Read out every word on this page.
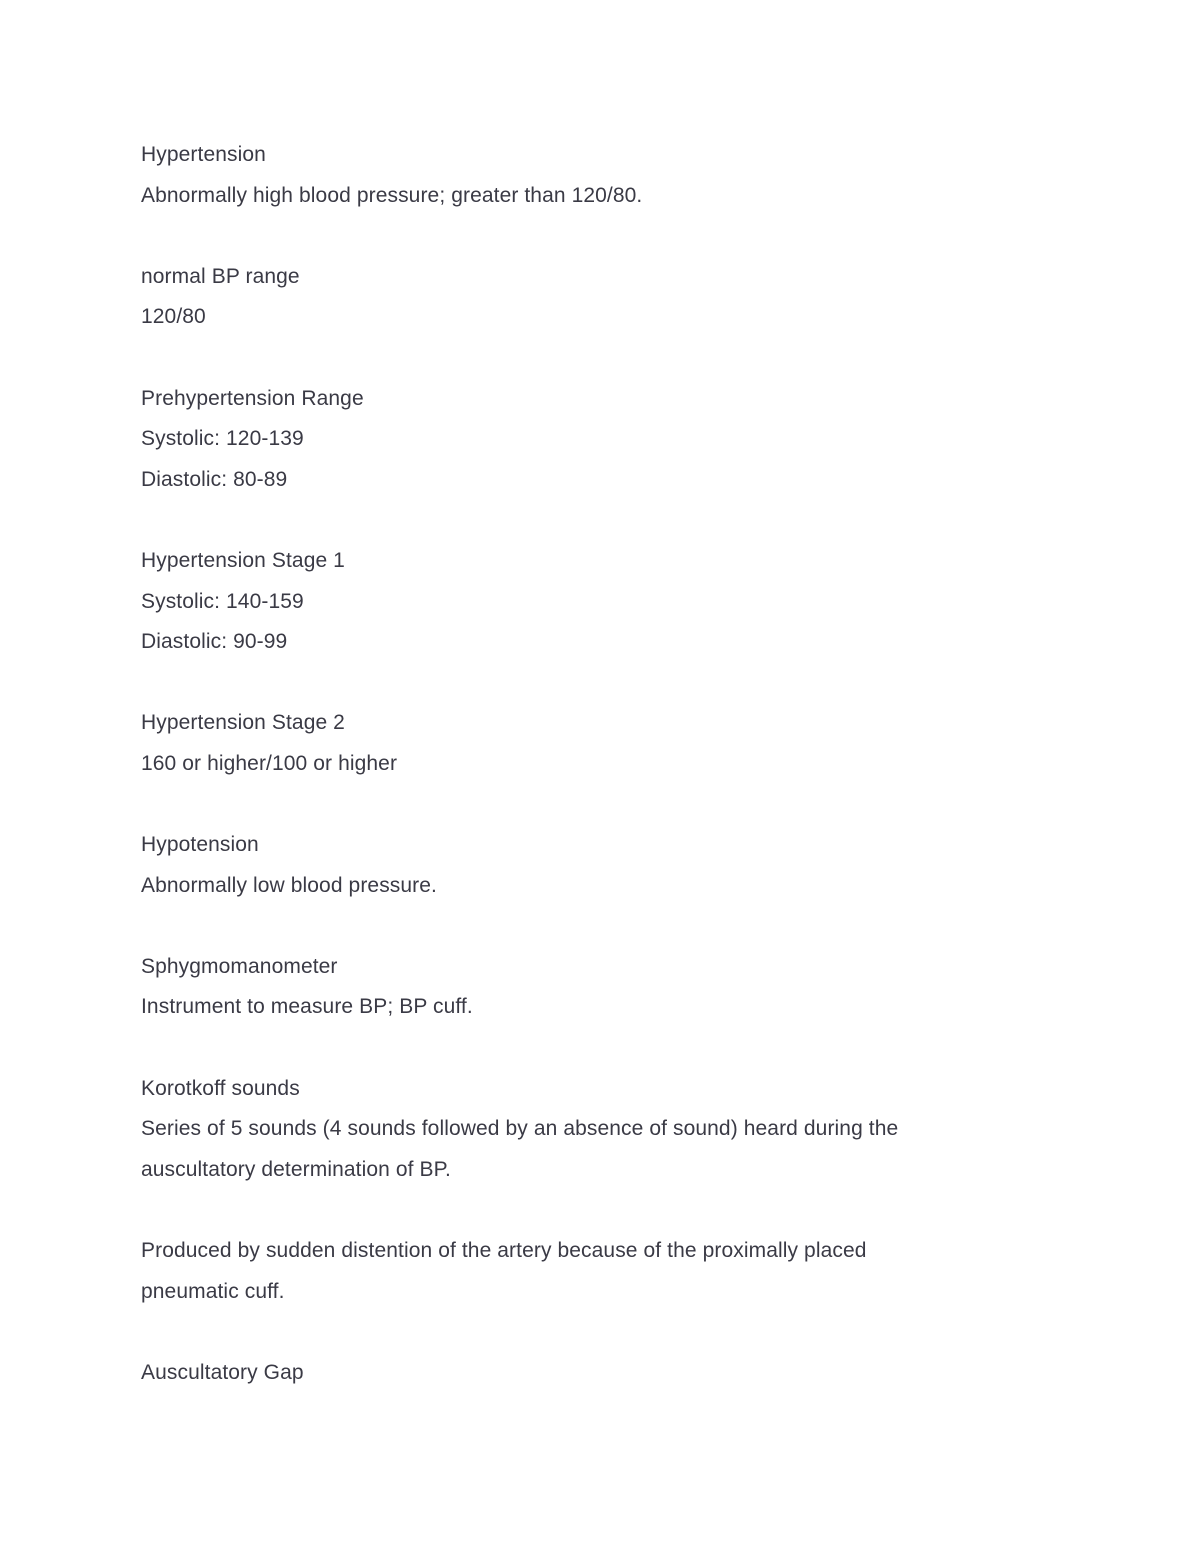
Hypertension
Abnormally high blood pressure; greater than 120/80.
normal BP range
120/80
Prehypertension Range
Systolic: 120-139
Diastolic: 80-89
Hypertension Stage 1
Systolic: 140-159
Diastolic: 90-99
Hypertension Stage 2
160 or higher/100 or higher
Hypotension
Abnormally low blood pressure.
Sphygmomanometer
Instrument to measure BP; BP cuff.
Korotkoff sounds
Series of 5 sounds (4 sounds followed by an absence of sound) heard during the
auscultatory determination of BP.
Produced by sudden distention of the artery because of the proximally placed
pneumatic cuff.
Auscultatory Gap
